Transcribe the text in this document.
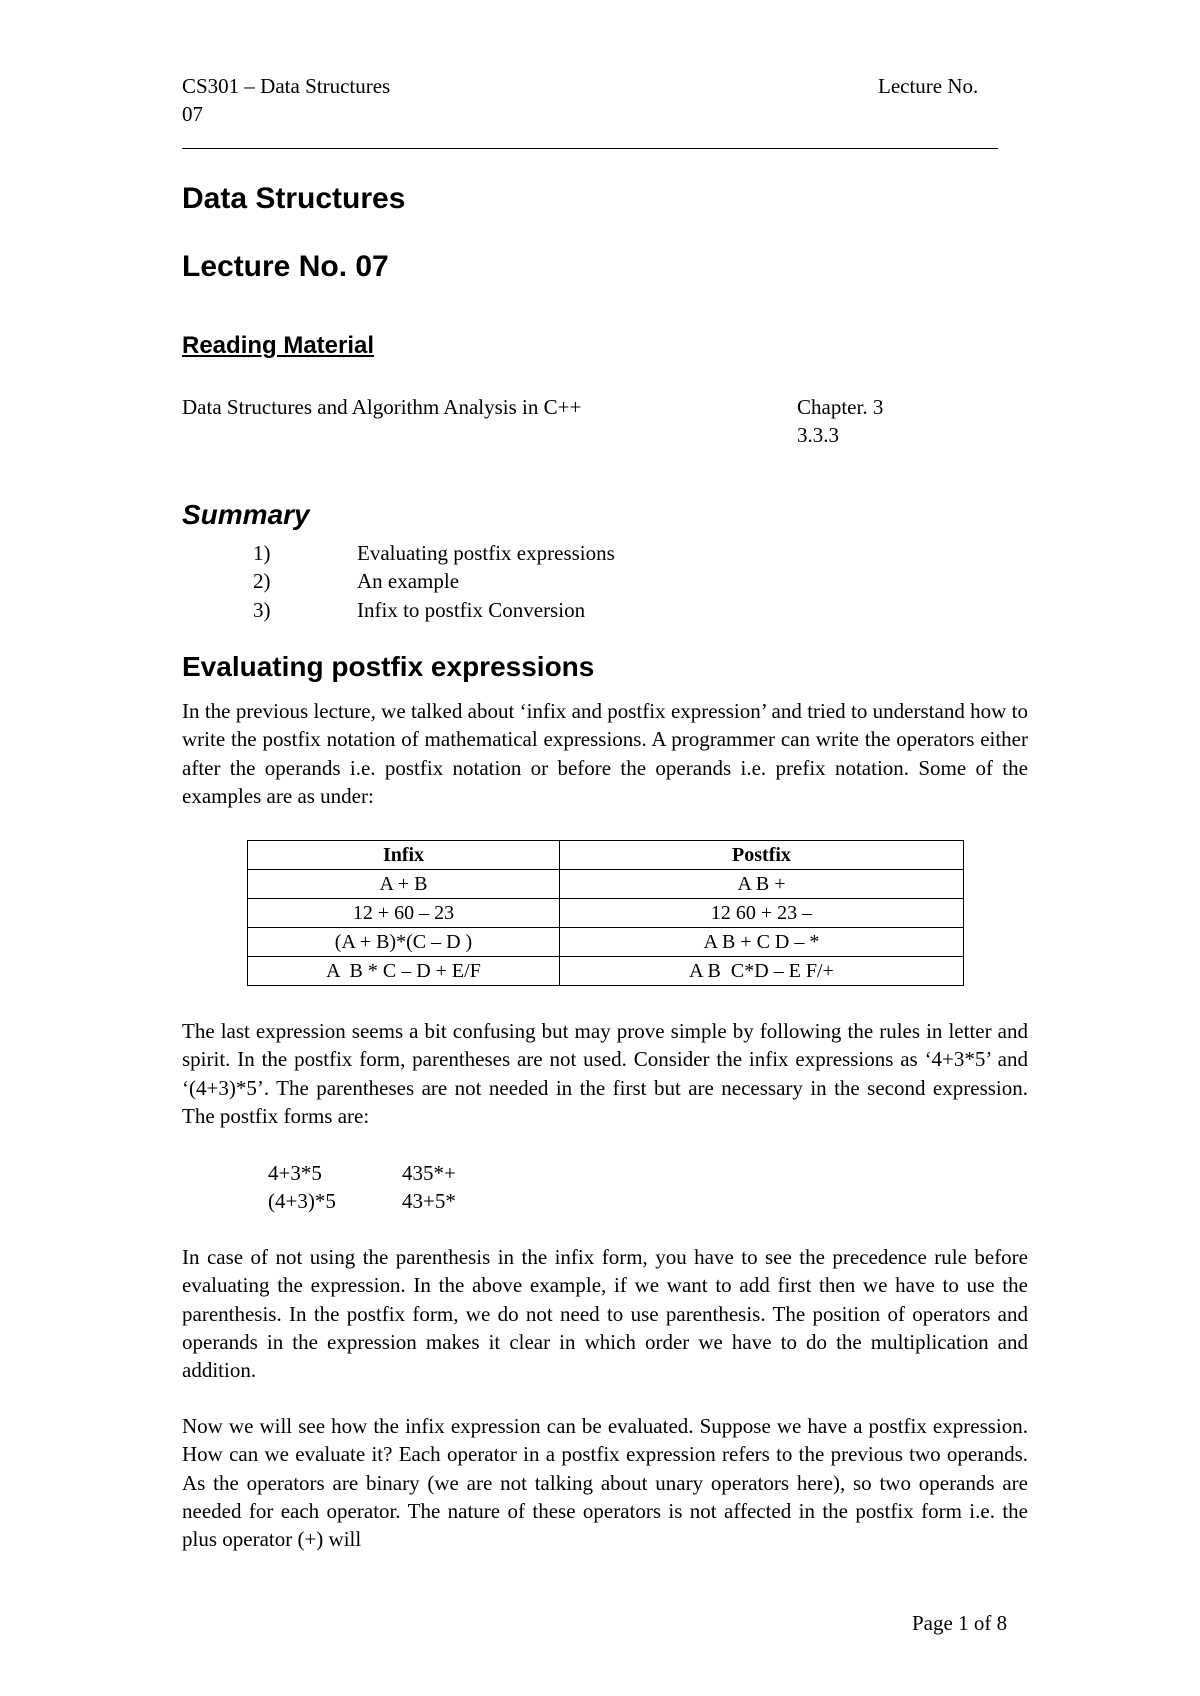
CS301 – Data Structures	Lecture No.
07
Data Structures
Lecture No. 07
Reading Material
Data Structures and Algorithm Analysis in C++	Chapter. 3
3.3.3
Summary
1)	Evaluating postfix expressions
2)	An example
3)	Infix to postfix Conversion
Evaluating postfix expressions
In the previous lecture, we talked about ‘infix and postfix expression’ and tried to understand how to write the postfix notation of mathematical expressions. A programmer can write the operators either after the operands i.e. postfix notation or before the operands i.e. prefix notation. Some of the examples are as under:
Infix	Postfix
A + B	A B +
12 + 60 – 23	12 60 + 23 –
(A + B)*(C – D )	A B + C D – *
A  B * C – D + E/F	A B  C*D – E F/+
The last expression seems a bit confusing but may prove simple by following the rules in letter and spirit. In the postfix form, parentheses are not used. Consider the infix expressions as ‘4+3*5’ and ‘(4+3)*5’. The parentheses are not needed in the first but are necessary in the second expression. The postfix forms are:
4+3*5	435*+
(4+3)*5	43+5*
In case of not using the parenthesis in the infix form, you have to see the precedence rule before evaluating the expression. In the above example, if we want to add first then we have to use the parenthesis. In the postfix form, we do not need to use parenthesis. The position of operators and operands in the expression makes it clear in which order we have to do the multiplication and addition.
Now we will see how the infix expression can be evaluated. Suppose we have a postfix expression. How can we evaluate it? Each operator in a postfix expression refers to the previous two operands. As the operators are binary (we are not talking about unary operators here), so two operands are needed for each operator. The nature of these operators is not affected in the postfix form i.e. the plus operator (+) will
Page 1 of 8
